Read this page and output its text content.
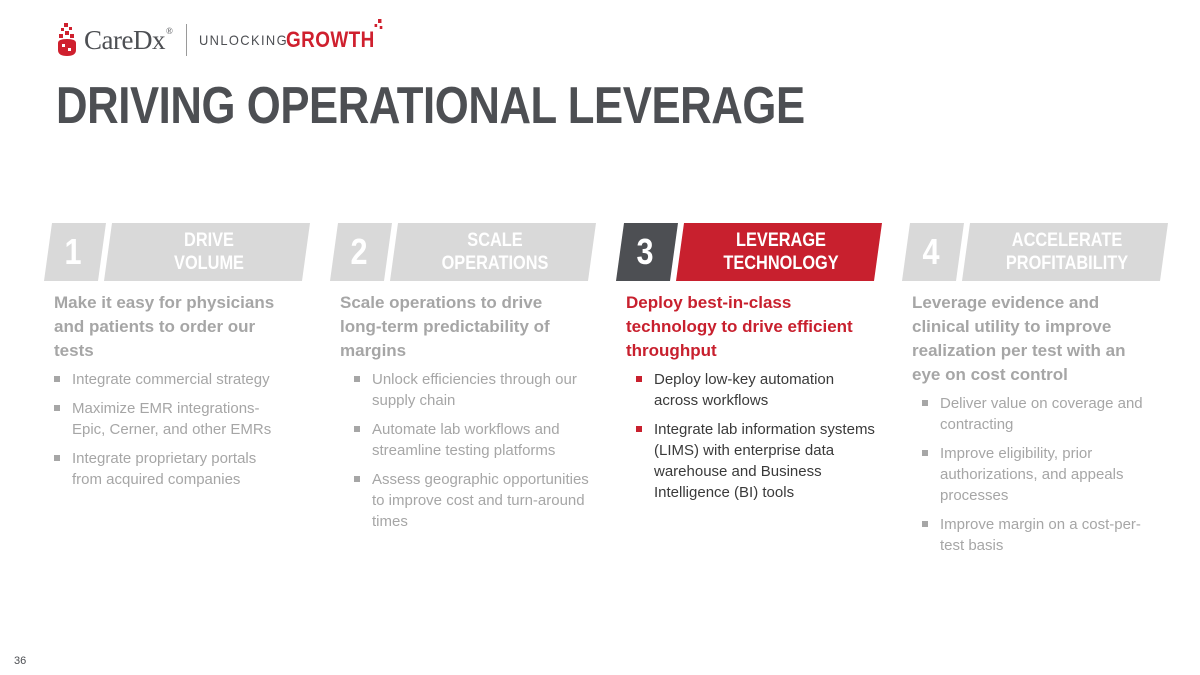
CareDx®
UNLOCKING
GROWTH
DRIVING OPERATIONAL LEVERAGE
1	DRIVE
VOLUME

Make it easy for physicians and patients to order our tests

Integrate commercial strategy
Maximize EMR integrations- Epic, Cerner, and other EMRs
Integrate proprietary portals from acquired companies
2	SCALE
OPERATIONS

Scale operations to drive long-term predictability of margins

Unlock efficiencies through our supply chain
Automate lab workflows and streamline testing platforms
Assess geographic opportunities to improve cost and turn-around times
3	LEVERAGE
TECHNOLOGY

Deploy best-in-class technology to drive efficient throughput

Deploy low-key automation across workflows
Integrate lab information systems (LIMS) with enterprise data warehouse and Business Intelligence (BI) tools
4	ACCELERATE
PROFITABILITY

Leverage evidence and clinical utility to improve realization per test with an eye on cost control

Deliver value on coverage and contracting
Improve eligibility, prior authorizations, and appeals processes
Improve margin on a cost-per-test basis
36
